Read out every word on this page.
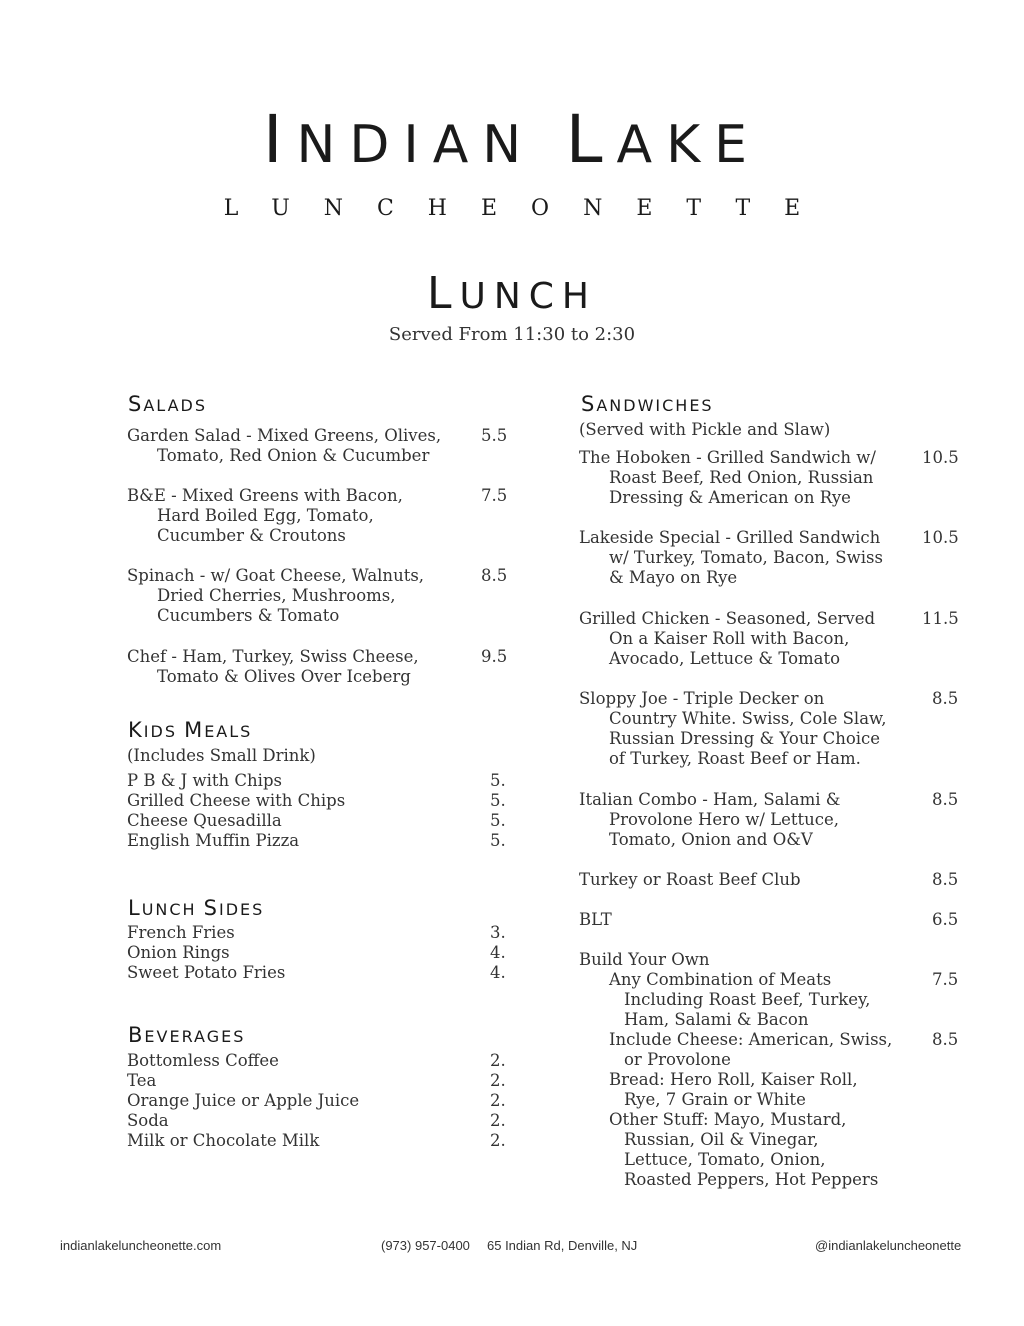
INDIAN LAKE
LUNCHEONETTE
LUNCH
Served From 11:30 to 2:30
SALADS
Garden Salad - Mixed Greens, Olives,
Tomato, Red Onion & Cucumber
5.5
B&E - Mixed Greens with Bacon,
Hard Boiled Egg, Tomato,
Cucumber & Croutons
7.5
Spinach - w/ Goat Cheese, Walnuts,
Dried Cherries, Mushrooms,
Cucumbers & Tomato
8.5
Chef - Ham, Turkey, Swiss Cheese,
Tomato & Olives Over Iceberg
9.5
KIDS MEALS
(Includes Small Drink)
P B & J with Chips	5.
Grilled Cheese with Chips	5.
Cheese Quesadilla	5.
English Muffin Pizza	5.
LUNCH SIDES
French Fries	3.
Onion Rings	4.
Sweet Potato Fries	4.
BEVERAGES
Bottomless Coffee	2.
Tea	2.
Orange Juice or Apple Juice	2.
Soda	2.
Milk or Chocolate Milk	2.
SANDWICHES
(Served with Pickle and Slaw)
The Hoboken - Grilled Sandwich w/
Roast Beef, Red Onion, Russian
Dressing & American on Rye
10.5
Lakeside Special - Grilled Sandwich
w/ Turkey, Tomato, Bacon, Swiss
& Mayo on Rye
10.5
Grilled Chicken - Seasoned, Served
On a Kaiser Roll with Bacon,
Avocado, Lettuce & Tomato
11.5
Sloppy Joe - Triple Decker on
Country White. Swiss, Cole Slaw,
Russian Dressing & Your Choice
of Turkey, Roast Beef or Ham.
8.5
Italian Combo - Ham, Salami &
Provolone Hero w/ Lettuce,
Tomato, Onion and O&V
8.5
Turkey or Roast Beef Club	8.5
BLT	6.5
Build Your Own
Any Combination of Meats
Including Roast Beef, Turkey,
Ham, Salami & Bacon
7.5
Include Cheese: American, Swiss,
or Provolone
8.5
Bread: Hero Roll, Kaiser Roll,
Rye, 7 Grain or White
Other Stuff: Mayo, Mustard,
Russian, Oil & Vinegar,
Lettuce, Tomato, Onion,
Roasted Peppers, Hot Peppers
indianlakeluncheonette.com	(973) 957-0400 65 Indian Rd, Denville, NJ	@indianlakeluncheonette
